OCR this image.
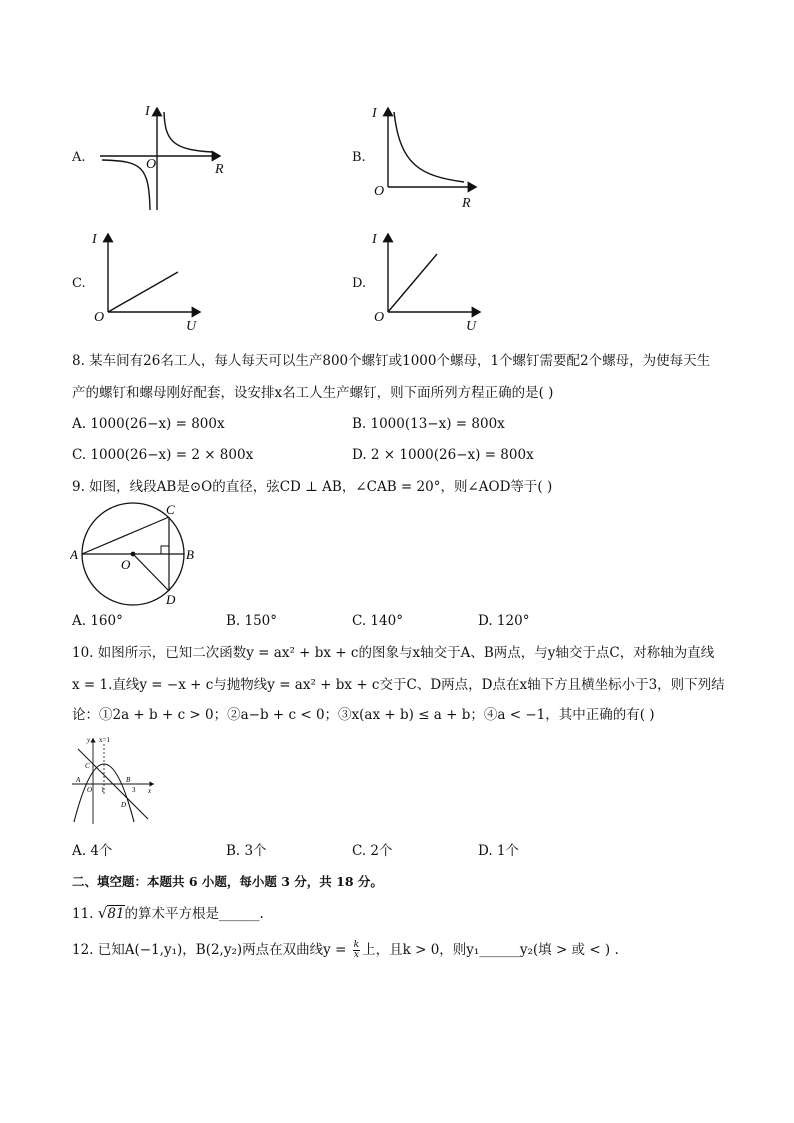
A.
I
O	R
B.
I
O
R
C.
I
O
U
D.
I
O
U
8. 某车间有26名工人，每人每天可以生产800个螺钉或1000个螺母，1个螺钉需要配2个螺母，为使每天生
产的螺钉和螺母刚好配套，设安排x名工人生产螺钉，则下面所列方程正确的是( )
A. 1000(26−x) = 800x	B. 1000(13−x) = 800x
C. 1000(26−x) = 2 × 800x	D. 2 × 1000(26−x) = 800x
9. 如图，线段AB是⊙O的直径，弦CD ⊥ AB，∠CAB = 20°，则∠AOD等于( )
A	B
C
D
O
A. 160°	B. 150°	C. 140°	D. 120°
10. 如图所示，已知二次函数y = ax² + bx + c的图象与x轴交于A、B两点，与y轴交于点C，对称轴为直线
x = 1.直线y = −x + c与抛物线y = ax² + bx + c交于C、D两点，D点在x轴下方且横坐标小于3，则下列结
论：①2a + b + c > 0；②a−b + c < 0；③x(ax + b) ≤ a + b；④a < −1，其中正确的有( )
y x=1
x
A
C
O 1	3
B
D
A. 4个	B. 3个	C. 2个	D. 1个
二、填空题：本题共 6 小题，每小题 3 分，共 18 分。
11. √81的算术平方根是______.
12. 已知A(−1,y₁)，B(2,y₂)两点在双曲线$y = \frac{k}{x}$ 上，且k > 0，则y₁______y₂(填 > 或 < ) .
